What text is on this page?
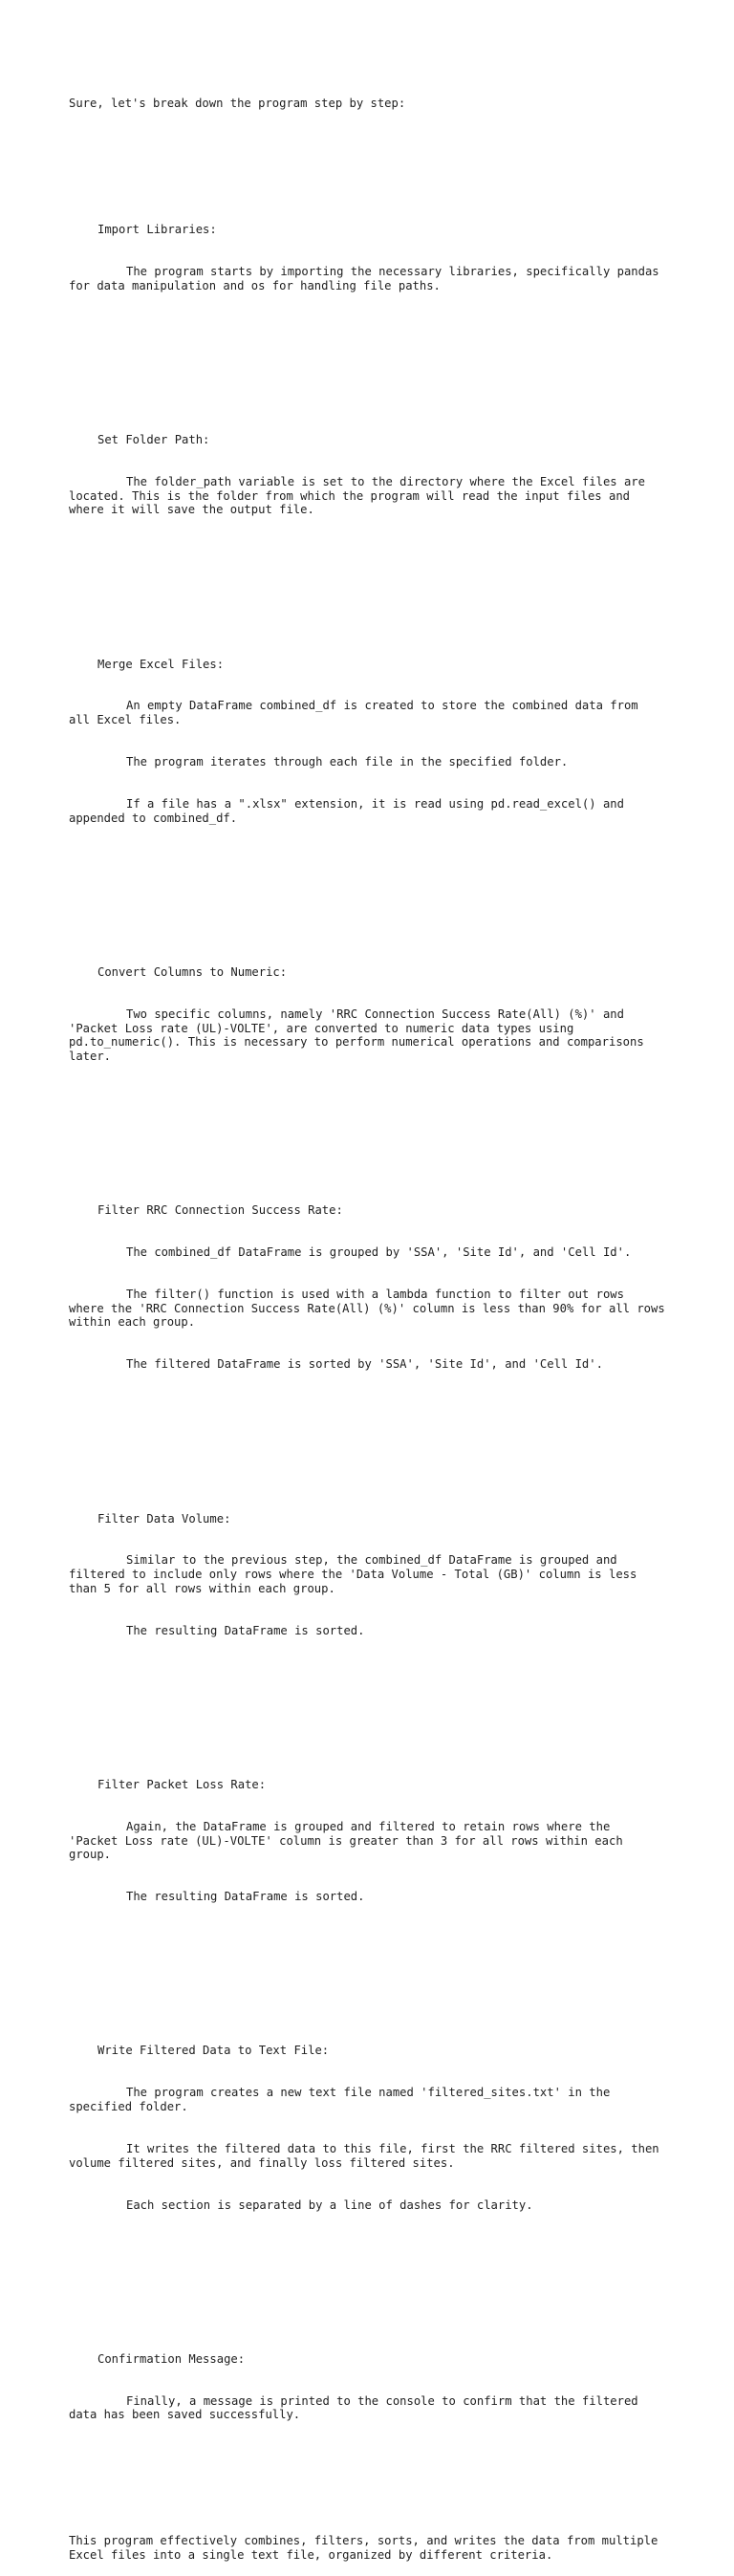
Sure, let's break down the program step by step:

Import Libraries:

The program starts by importing the necessary libraries, specifically pandas for data manipulation and os for handling file paths.

Set Folder Path:

The folder_path variable is set to the directory where the Excel files are located. This is the folder from which the program will read the input files and where it will save the output file.

Merge Excel Files:

An empty DataFrame combined_df is created to store the combined data from all Excel files.

The program iterates through each file in the specified folder.

If a file has a ".xlsx" extension, it is read using pd.read_excel() and appended to combined_df.

Convert Columns to Numeric:

Two specific columns, namely 'RRC Connection Success Rate(All) (%)' and 'Packet Loss rate (UL)-VOLTE', are converted to numeric data types using pd.to_numeric(). This is necessary to perform numerical operations and comparisons later.

Filter RRC Connection Success Rate:

The combined_df DataFrame is grouped by 'SSA', 'Site Id', and 'Cell Id'.

The filter() function is used with a lambda function to filter out rows where the 'RRC Connection Success Rate(All) (%)' column is less than 90% for all rows within each group.

The filtered DataFrame is sorted by 'SSA', 'Site Id', and 'Cell Id'.

Filter Data Volume:

Similar to the previous step, the combined_df DataFrame is grouped and filtered to include only rows where the 'Data Volume - Total (GB)' column is less than 5 for all rows within each group.

The resulting DataFrame is sorted.

Filter Packet Loss Rate:

Again, the DataFrame is grouped and filtered to retain rows where the 'Packet Loss rate (UL)-VOLTE' column is greater than 3 for all rows within each group.

The resulting DataFrame is sorted.

Write Filtered Data to Text File:

The program creates a new text file named 'filtered_sites.txt' in the specified folder.

It writes the filtered data to this file, first the RRC filtered sites, then volume filtered sites, and finally loss filtered sites.

Each section is separated by a line of dashes for clarity.

Confirmation Message:

Finally, a message is printed to the console to confirm that the filtered data has been saved successfully.

This program effectively combines, filters, sorts, and writes the data from multiple Excel files into a single text file, organized by different criteria.
